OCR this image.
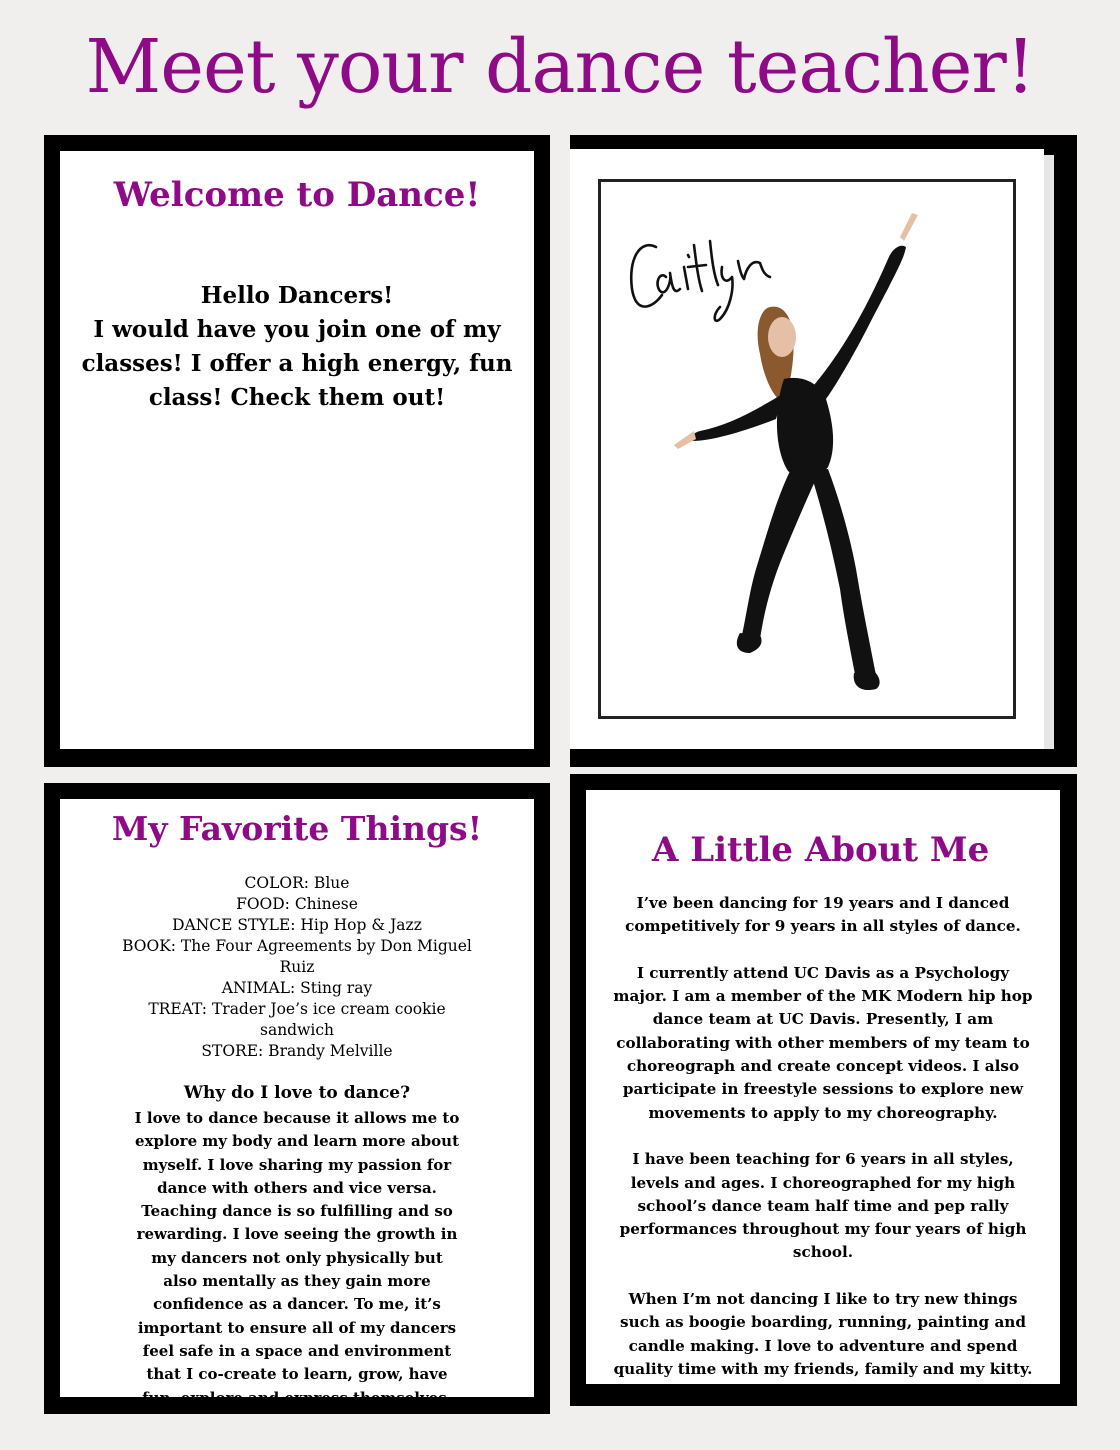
Meet your dance teacher!
Welcome to Dance!
Hello Dancers!
I would have you join one of my classes! I offer a high energy, fun class! Check them out!
My Favorite Things!
COLOR: Blue
FOOD: Chinese
DANCE STYLE: Hip Hop & Jazz
BOOK: The Four Agreements by Don Miguel Ruiz
ANIMAL: Sting ray
TREAT: Trader Joe’s ice cream cookie sandwich
STORE: Brandy Melville
Why do I love to dance?
I love to dance because it allows me to explore my body and learn more about myself. I love sharing my passion for dance with others and vice versa. Teaching dance is so fulfilling and so rewarding. I love seeing the growth in my dancers not only physically but also mentally as they gain more confidence as a dancer. To me, it’s important to ensure all of my dancers feel safe in a space and environment that I co-create to learn, grow, have fun, explore and express themselves.
A Little About Me

I’ve been dancing for 19 years and I danced competitively for 9 years in all styles of dance.

I currently attend UC Davis as a Psychology major. I am a member of the MK Modern hip hop dance team at UC Davis. Presently, I am collaborating with other members of my team to choreograph and create concept videos. I also participate in freestyle sessions to explore new movements to apply to my choreography.

I have been teaching for 6 years in all styles, levels and ages. I choreographed for my high school’s dance team half time and pep rally performances throughout my four years of high school.

When I’m not dancing I like to try new things such as boogie boarding, running, painting and candle making. I love to adventure and spend quality time with my friends, family and my kitty.
